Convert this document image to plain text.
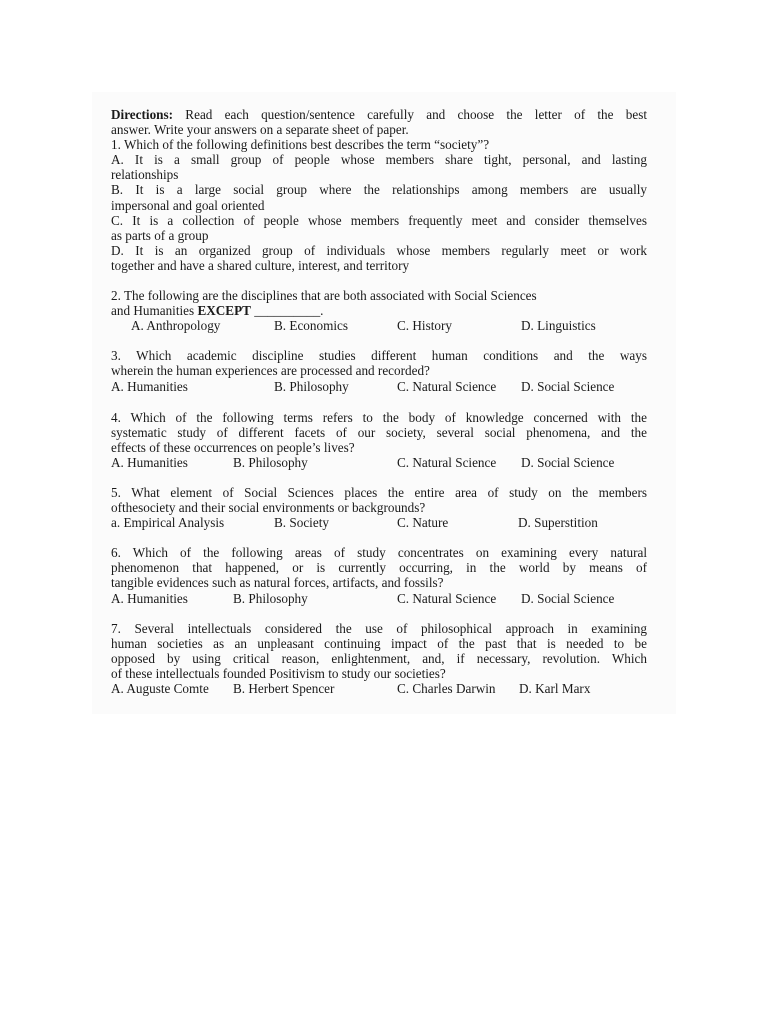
Directions: Read each question/sentence carefully and choose the letter of the best
answer. Write your answers on a separate sheet of paper.
1. Which of the following definitions best describes the term “society”?
A. It is a small group of people whose members share tight, personal, and lasting
relationships
B. It is a large social group where the relationships among members are usually
impersonal and goal oriented
C. It is a collection of people whose members frequently meet and consider themselves
as parts of a group
D. It is an organized group of individuals whose members regularly meet or work
together and have a shared culture, interest, and territory
2. The following are the disciplines that are both associated with Social Sciences
and Humanities EXCEPT __________.
A. Anthropology	B. Economics	C. History	D. Linguistics
3. Which academic discipline studies different human conditions and the ways
wherein the human experiences are processed and recorded?
A. Humanities	B. Philosophy	C. Natural Science	D. Social Science
4. Which of the following terms refers to the body of knowledge concerned with the
systematic study of different facets of our society, several social phenomena, and the
effects of these occurrences on people’s lives?
A. Humanities	B. Philosophy	C. Natural Science	D. Social Science
5. What element of Social Sciences places the entire area of study on the members
ofthesociety and their social environments or backgrounds?
a. Empirical Analysis	B. Society	C. Nature	D. Superstition
6. Which of the following areas of study concentrates on examining every natural
phenomenon that happened, or is currently occurring, in the world by means of
tangible evidences such as natural forces, artifacts, and fossils?
A. Humanities	B. Philosophy	C. Natural Science	D. Social Science
7. Several intellectuals considered the use of philosophical approach in examining
human societies as an unpleasant continuing impact of the past that is needed to be
opposed by using critical reason, enlightenment, and, if necessary, revolution. Which
of these intellectuals founded Positivism to study our societies?
A. Auguste Comte	B. Herbert Spencer	C. Charles Darwin	D. Karl Marx
